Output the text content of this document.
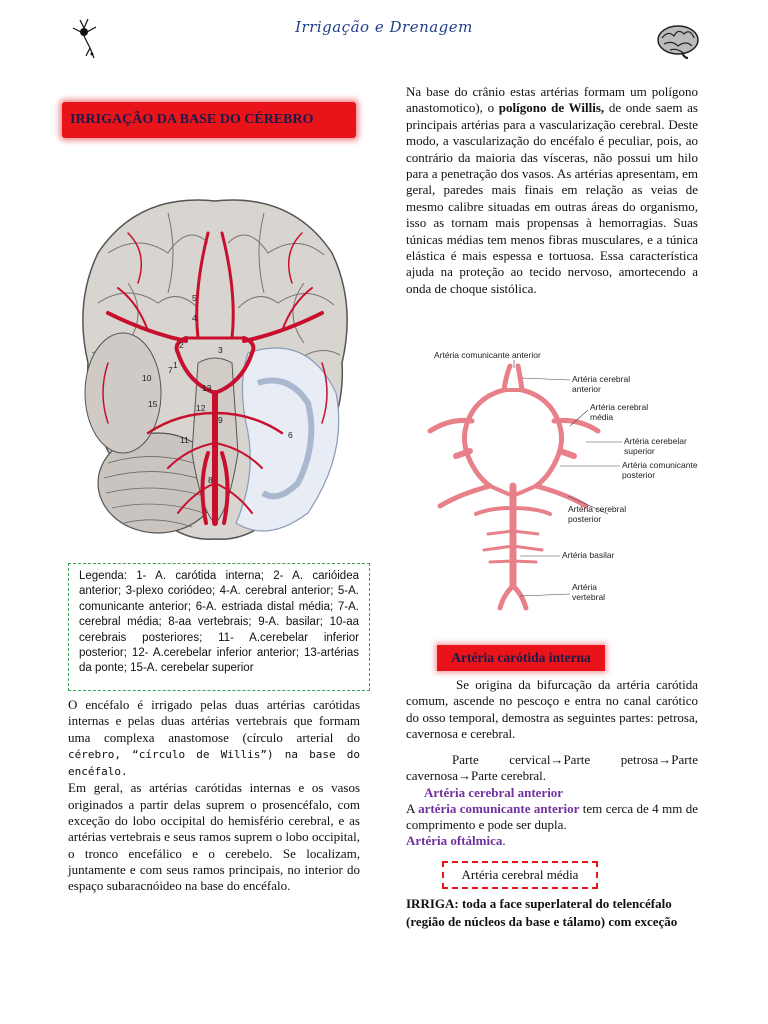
Irrigação e Drenagem
IRRIGAÇÃO DA BASE DO CÉREBRO
4
5
2
1
3
6
7
8
9
10
11
12
13
15
Legenda: 1- A. carótida interna; 2- A. carióidea anterior; 3-plexo coriódeo; 4-A. cerebral anterior; 5-A. comunicante anterior; 6-A. estriada distal média; 7-A. cerebral média; 8-aa vertebrais; 9-A. basilar; 10-aa cerebrais posteriores; 11- A.cerebelar inferior posterior; 12- A.cerebelar inferior anterior; 13-artérias da ponte; 15-A. cerebelar superior
O encéfalo é irrigado pelas duas artérias carótidas internas e pelas duas artérias vertebrais que formam uma complexa anastomose (círculo arterial do cérebro, “círculo de Willis”) na base do encéfalo.
Em geral, as artérias carótidas internas e os vasos originados a partir delas suprem o prosencéfalo, com exceção do lobo occipital do hemisfério cerebral, e as artérias vertebrais e seus ramos suprem o lobo occipital, o tronco encefálico e o cerebelo. Se localizam, juntamente e com seus ramos principais, no interior do espaço subaracnóideo na base do encéfalo.
Na base do crânio estas artérias formam um polígono anastomotico), o polígono de Willis, de onde saem as principais artérias para a vascularização cerebral. Deste modo, a vascularização do encéfalo é peculiar, pois, ao contrário da maioria das vísceras, não possui um hilo para a penetração dos vasos. As artérias apresentam, em geral, paredes mais finais em relação as veias de mesmo calibre situadas em outras áreas do organismo, isso as tornam mais propensas à hemorragias. Suas túnicas médias tem menos fibras musculares, e a túnica elástica é mais espessa e tortuosa. Essa característica ajuda na proteção ao tecido nervoso, amortecendo a onda de choque sistólica.
Artéria comunicante anterior
Artéria cerebral
anterior
Artéria cerebral
média
Artéria cerebelar
superior
Artéria comunicante
posterior
Artéria cerebral
posterior
Artéria basilar
Artéria
vertebral
Artéria carótida interna
Se origina da bifurcação da artéria carótida comum, ascende no pescoço e entra no canal carótico do osso temporal, demostra as seguintes partes: petrosa, cavernosa e cerebral.
Parte cervical→Parte petrosa→Parte
cavernosa→Parte cerebral.
Artéria cerebral anterior
A artéria comunicante anterior tem cerca de 4 mm de comprimento e pode ser dupla.
Artéria oftálmica.
Artéria cerebral média
IRRIGA: toda a face superlateral do telencéfalo (região de núcleos da base e tálamo) com exceção
